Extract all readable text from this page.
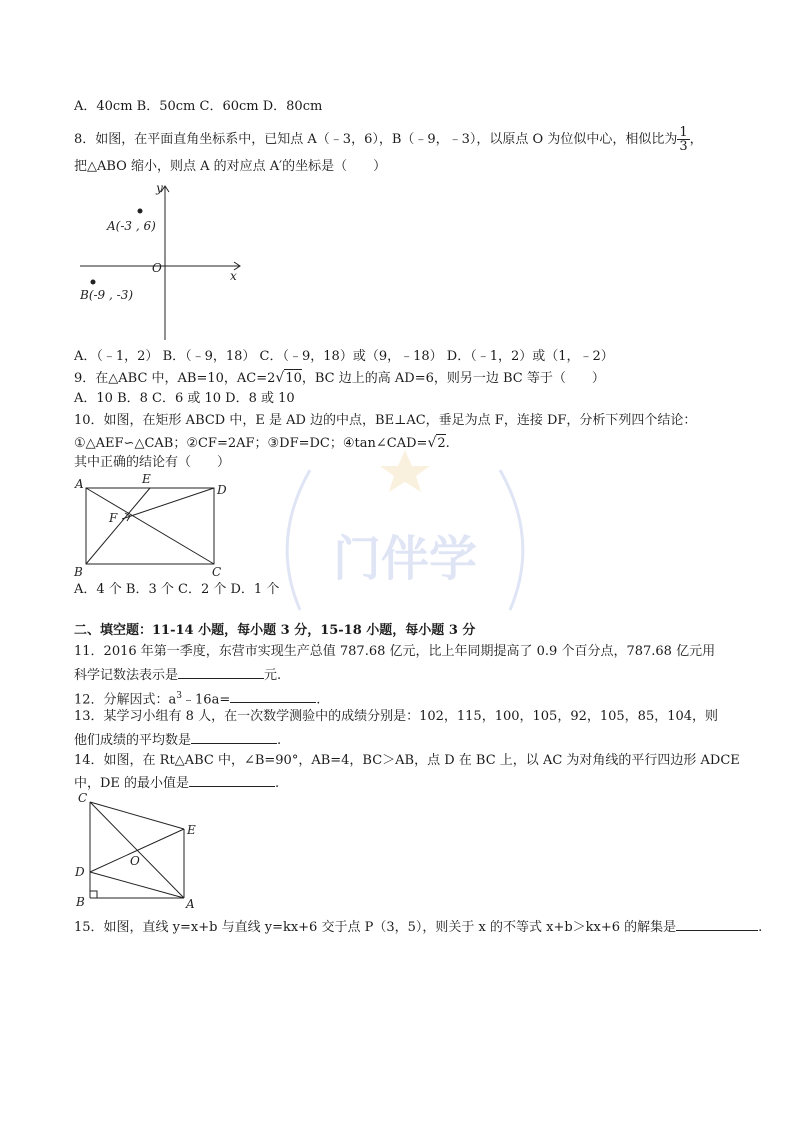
门伴学
A．40cm B．50cm C．60cm D．80cm
8．如图，在平面直角坐标系中，已知点 A（﹣3，6），B（﹣9，﹣3），以原点 O 为位似中心，相似比为 $\frac{1}{3}$ ，
把△ABO 缩小，则点 A 的对应点 A′的坐标是（　　）
y
x
O
A(-3 , 6)
B(-9 , -3)
A．（﹣1，2） B．（﹣9，18） C．（﹣9，18）或（9，﹣18） D．（﹣1，2）或（1，﹣2）
9．在△ABC 中，AB=10，AC=2√10，BC 边上的高 AD=6，则另一边 BC 等于（　　）
A．10 B．8 C．6 或 10 D．8 或 10
10．如图，在矩形 ABCD 中，E 是 AD 边的中点，BE⊥AC，垂足为点 F，连接 DF，分析下列四个结论：
①△AEF∽△CAB；②CF=2AF；③DF=DC；④tan∠CAD=√2.
其中正确的结论有（　　）
A	E
D
F
B	C
A．4 个 B．3 个 C．2 个 D．1 个
二、填空题：11-14 小题，每小题 3 分，15-18 小题，每小题 3 分
11．2016 年第一季度，东营市实现生产总值 787.68 亿元，比上年同期提高了 0.9 个百分点，787.68 亿元用
科学记数法表示是	元.
12．分解因式：$a^3﹣16a=$	.
13．某学习小组有 8 人，在一次数学测验中的成绩分别是：102，115，100，105，92，105，85，104，则
他们成绩的平均数是	.
14．如图，在 Rt△ABC 中，∠B=90°，AB=4，BC＞AB，点 D 在 BC 上，以 AC 为对角线的平行四边形 ADCE
中，DE 的最小值是	.
C
E
D
O
B	A
15．如图，直线 y=x+b 与直线 y=kx+6 交于点 P（3，5），则关于 x 的不等式 x+b＞kx+6 的解集是	.
